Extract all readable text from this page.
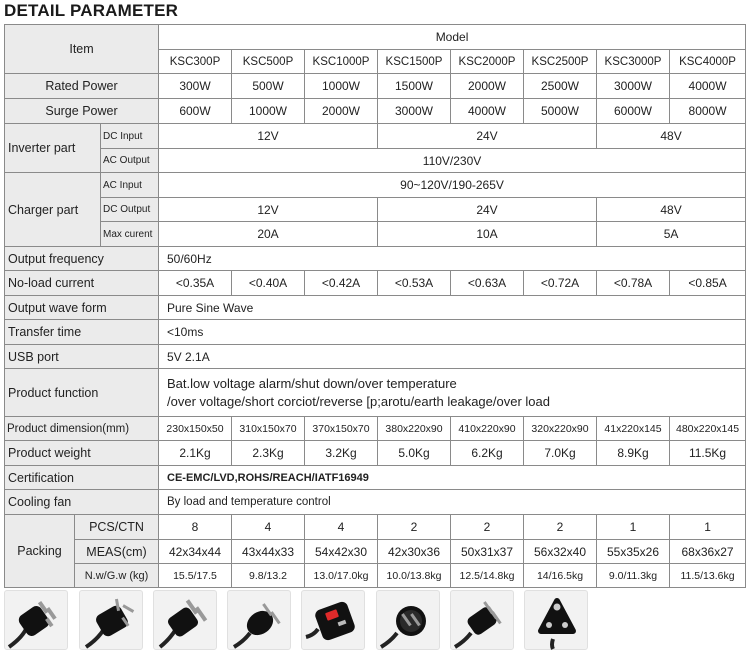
DETAIL PARAMETER
Item			Model							
			KSC300P	KSC500P	KSC1000P	KSC1500P	KSC2000P	KSC2500P	KSC3000P	KSC4000P
Rated Power			300W	500W	1000W	1500W	2000W	2500W	3000W	4000W
Surge Power			600W	1000W	2000W	3000W	4000W	5000W	6000W	8000W
Inverter part		DC Input	12V			24V			48V	
		AC Output	110V/230V							
Charger part		AC Input	90~120V/190-265V							
		DC Output	12V			24V			48V	
		Max curent	20A			10A			5A	
Output frequency			50/60Hz							
No-load current			<0.35A	<0.40A	<0.42A	<0.53A	<0.63A	<0.72A	<0.78A	<0.85A
Output wave form			Pure Sine Wave							
Transfer time			<10ms							
USB port			5V 2.1A							
Product function			Bat.low voltage alarm/shut down/over temperature
/over voltage/short corciot/reverse [p;arotu/earth leakage/over load							

Product dimension(mm)			230x150x50	310x150x70	370x150x70	380x220x90	410x220x90	320x220x90	41x220x145	480x220x145
Product weight			2.1Kg	2.3Kg	3.2Kg	5.0Kg	6.2Kg	7.0Kg	8.9Kg	11.5Kg
Certification			CE-EMC/LVD,ROHS/REACH/IATF16949							
Cooling fan			By load and temperature control							
Packing	PCS/CTN		8	4	4	2	2	2	1	1
	MEAS(cm)		42x34x44	43x44x33	54x42x30	42x30x36	50x31x37	56x32x40	55x35x26	68x36x27
	N.w/G.w (kg)		15.5/17.5	9.8/13.2	13.0/17.0kg	10.0/13.8kg	12.5/14.8kg	14/16.5kg	9.0/11.3kg	11.5/13.6kg
